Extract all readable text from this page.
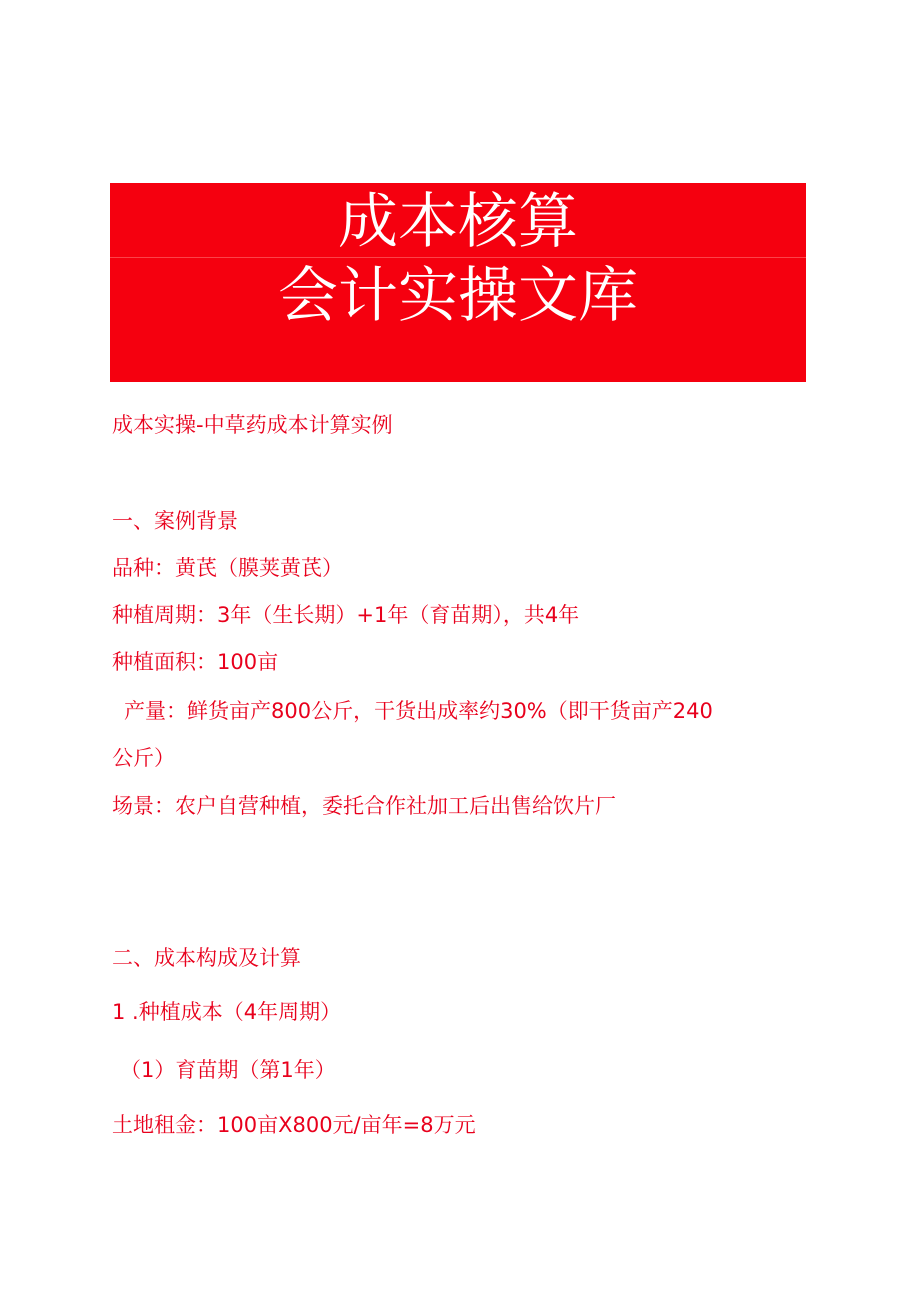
成本核算
会计实操文库
成本实操-中草药成本计算实例
一、案例背景
品种：黄芪（膜荚黄芪）
种植周期：3年（生长期）+1年（育苗期），共4年
种植面积：100亩
产量：鲜货亩产800公斤，干货出成率约30%（即干货亩产240
公斤）
场景：农户自营种植，委托合作社加工后出售给饮片厂
二、成本构成及计算
1 .种植成本（4年周期）
（1）育苗期（第1年）
土地租金：100亩X800元/亩年=8万元
